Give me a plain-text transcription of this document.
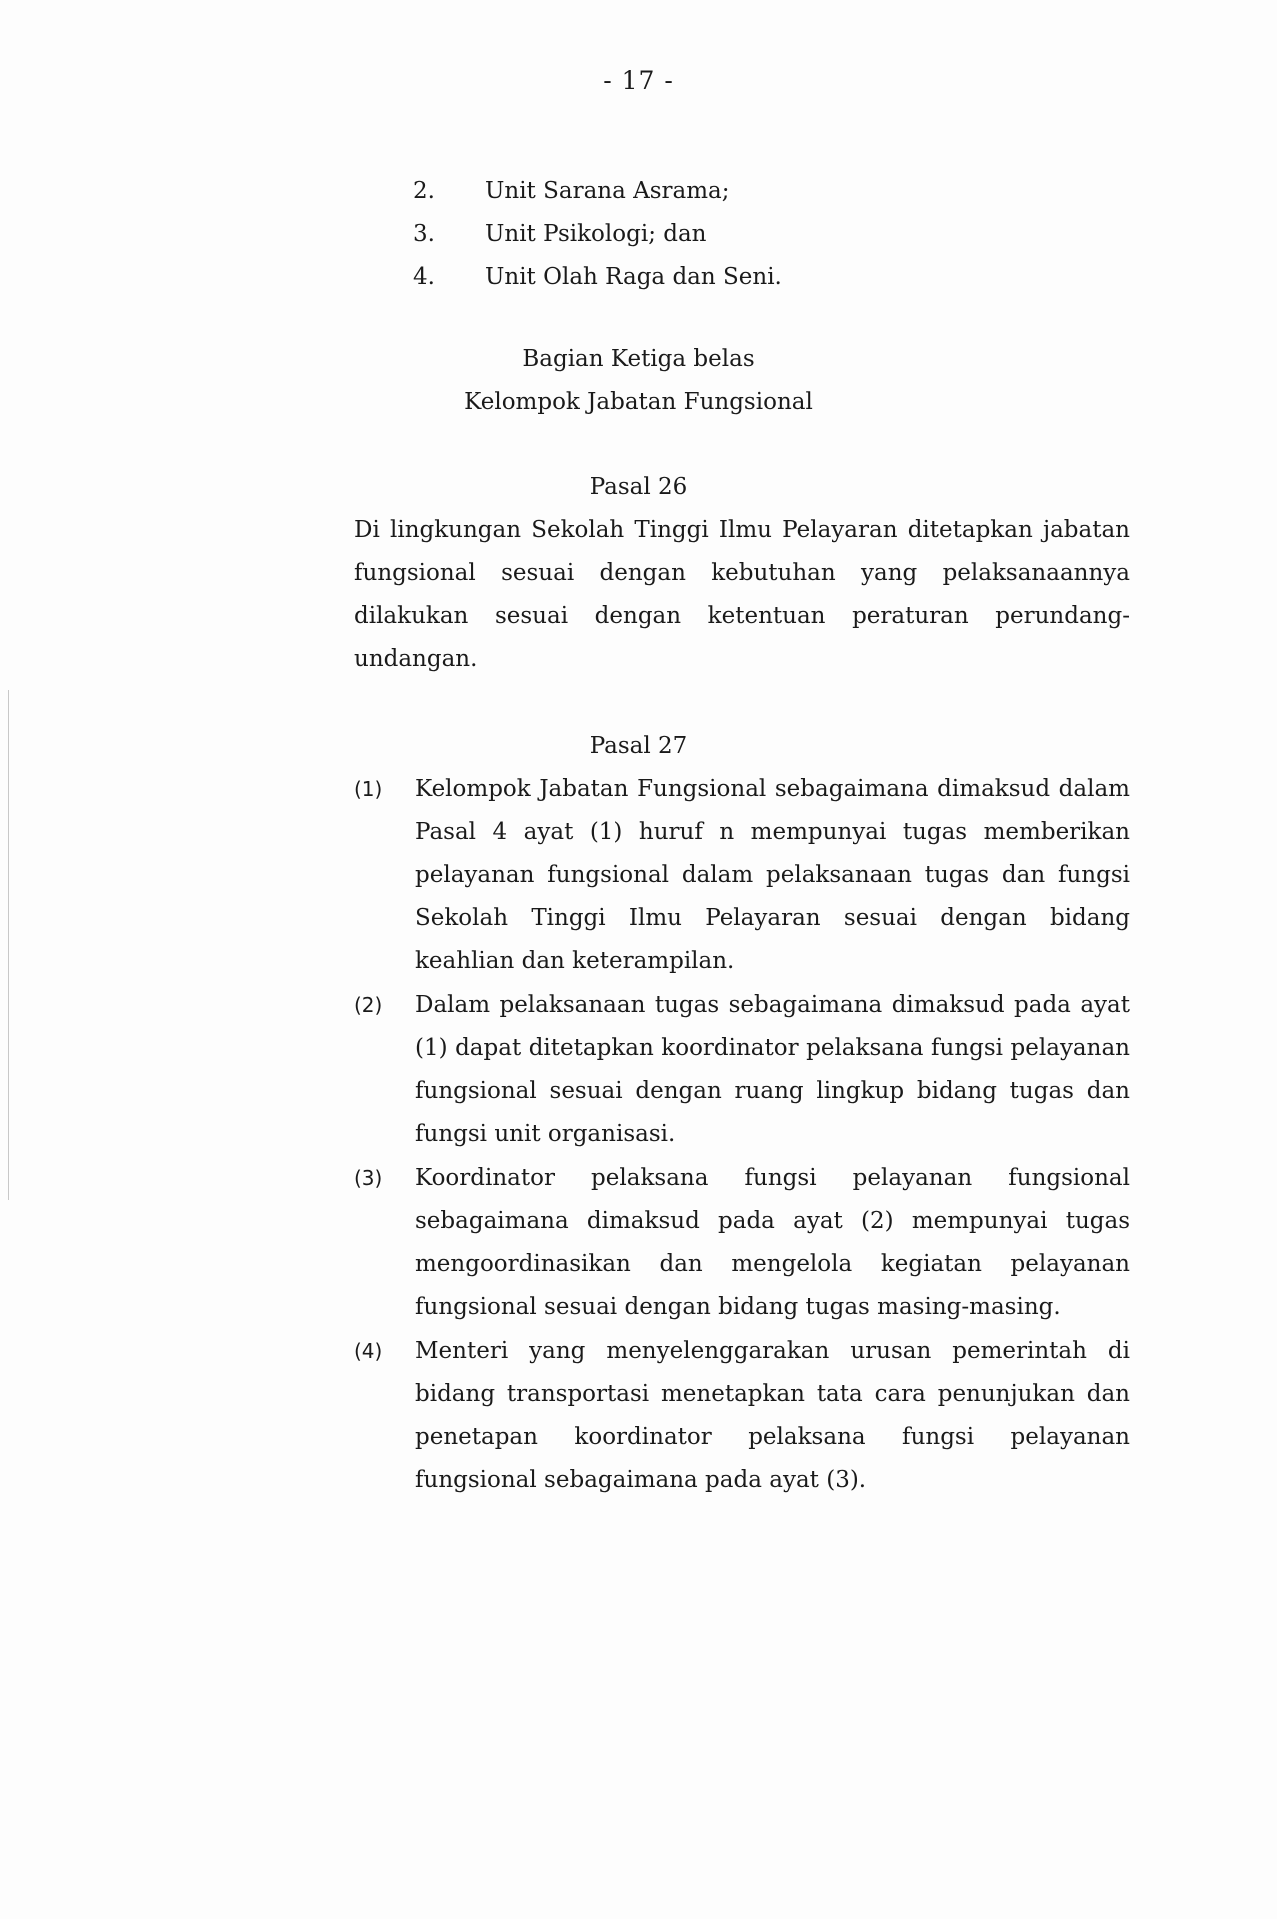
- 17 -
2.	Unit Sarana Asrama;
3.	Unit Psikologi; dan
4.	Unit Olah Raga dan Seni.
Bagian Ketiga belas
Kelompok Jabatan Fungsional
Pasal 26

Di lingkungan Sekolah Tinggi Ilmu Pelayaran ditetapkan jabatan fungsional sesuai dengan kebutuhan yang pelaksanaannya dilakukan sesuai dengan ketentuan peraturan perundang-undangan.

Pasal 27
(1)	Kelompok Jabatan Fungsional sebagaimana dimaksud dalam Pasal 4 ayat (1) huruf n mempunyai tugas memberikan pelayanan fungsional dalam pelaksanaan tugas dan fungsi Sekolah Tinggi Ilmu Pelayaran sesuai dengan bidang keahlian dan keterampilan.
(2)	Dalam pelaksanaan tugas sebagaimana dimaksud pada ayat (1) dapat ditetapkan koordinator pelaksana fungsi pelayanan fungsional sesuai dengan ruang lingkup bidang tugas dan fungsi unit organisasi.
(3)	Koordinator pelaksana fungsi pelayanan fungsional sebagaimana dimaksud pada ayat (2) mempunyai tugas mengoordinasikan dan mengelola kegiatan pelayanan fungsional sesuai dengan bidang tugas masing-masing.
(4)	Menteri yang menyelenggarakan urusan pemerintah di bidang transportasi menetapkan tata cara penunjukan dan penetapan koordinator pelaksana fungsi pelayanan fungsional sebagaimana pada ayat (3).
